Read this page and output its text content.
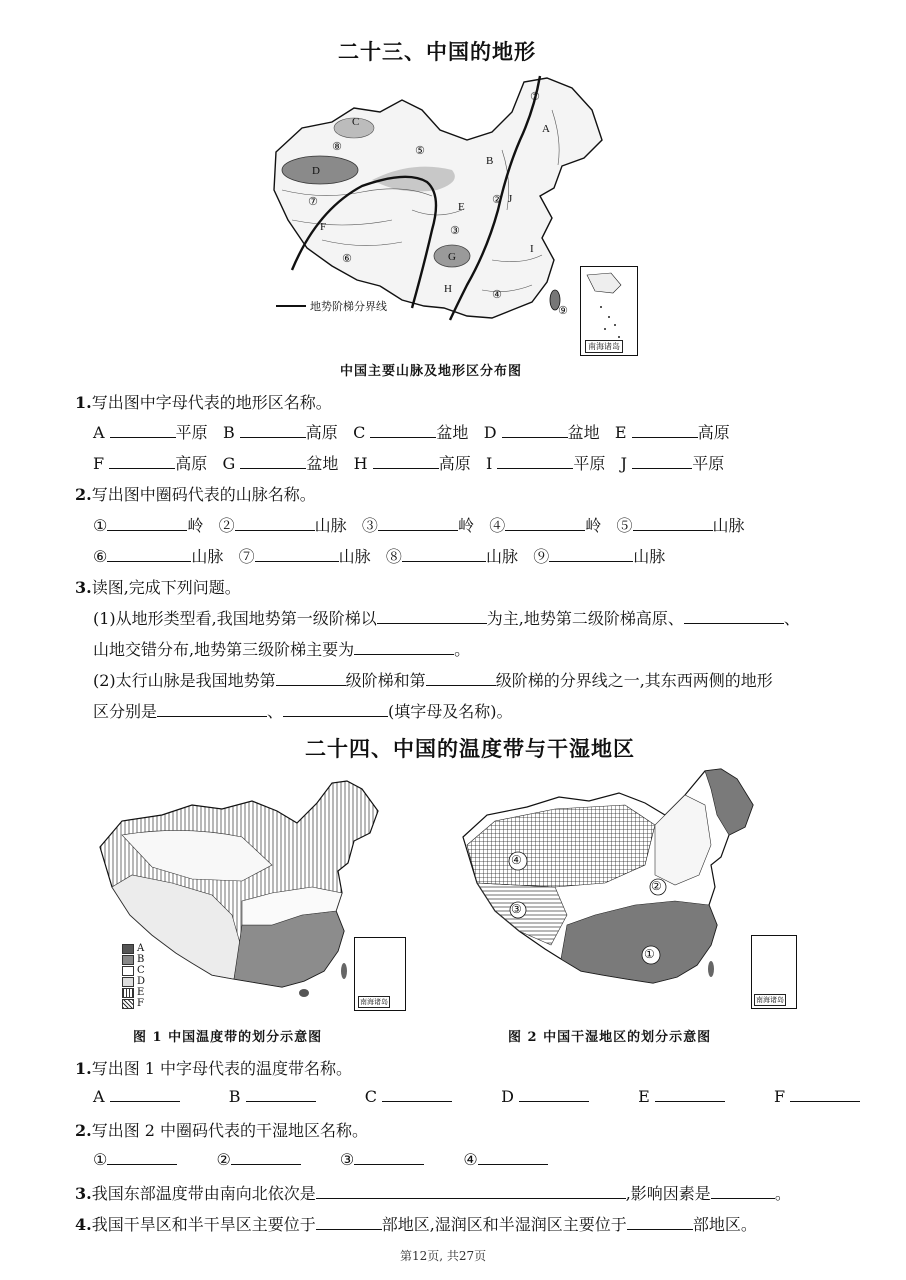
二十三、中国的地形
A
B
C
D
E
F
G
H
I
J
①
②
③
④
⑤
⑥
⑦
⑧
⑨
地势阶梯分界线
南海诸岛
中国主要山脉及地形区分布图
1.写出图中字母代表的地形区名称。
A	平原 B	高原 C	盆地 D	盆地 E	高原
F	高原 G	盆地 H	高原 I	平原 J	平原
2.写出图中圈码代表的山脉名称。
①	岭 ②	山脉 ③	岭 ④	岭 ⑤	山脉
⑥	山脉 ⑦	山脉 ⑧	山脉 ⑨	山脉
3.读图,完成下列问题。
(1)从地形类型看,我国地势第一级阶梯以	为主,地势第二级阶梯高原、	、
山地交错分布,地势第三级阶梯主要为	。
(2)太行山脉是我国地势第	级阶梯和第	级阶梯的分界线之一,其东西两侧的地形
区分别是	、	(填字母及名称)。
二十四、中国的温度带与干湿地区
A
B
C
D
E
F	南海诸岛
图 1 中国温度带的划分示意图
④
②
③
①
南海诸岛
图 2 中国干湿地区的划分示意图
1.写出图 1 中字母代表的温度带名称。
A	B	C	D	E	F
2.写出图 2 中圈码代表的干湿地区名称。
①	②	③	④
3.我国东部温度带由南向北依次是	,影响因素是	。
4.我国干旱区和半干旱区主要位于	部地区,湿润区和半湿润区主要位于	部地区。
第12页, 共27页
